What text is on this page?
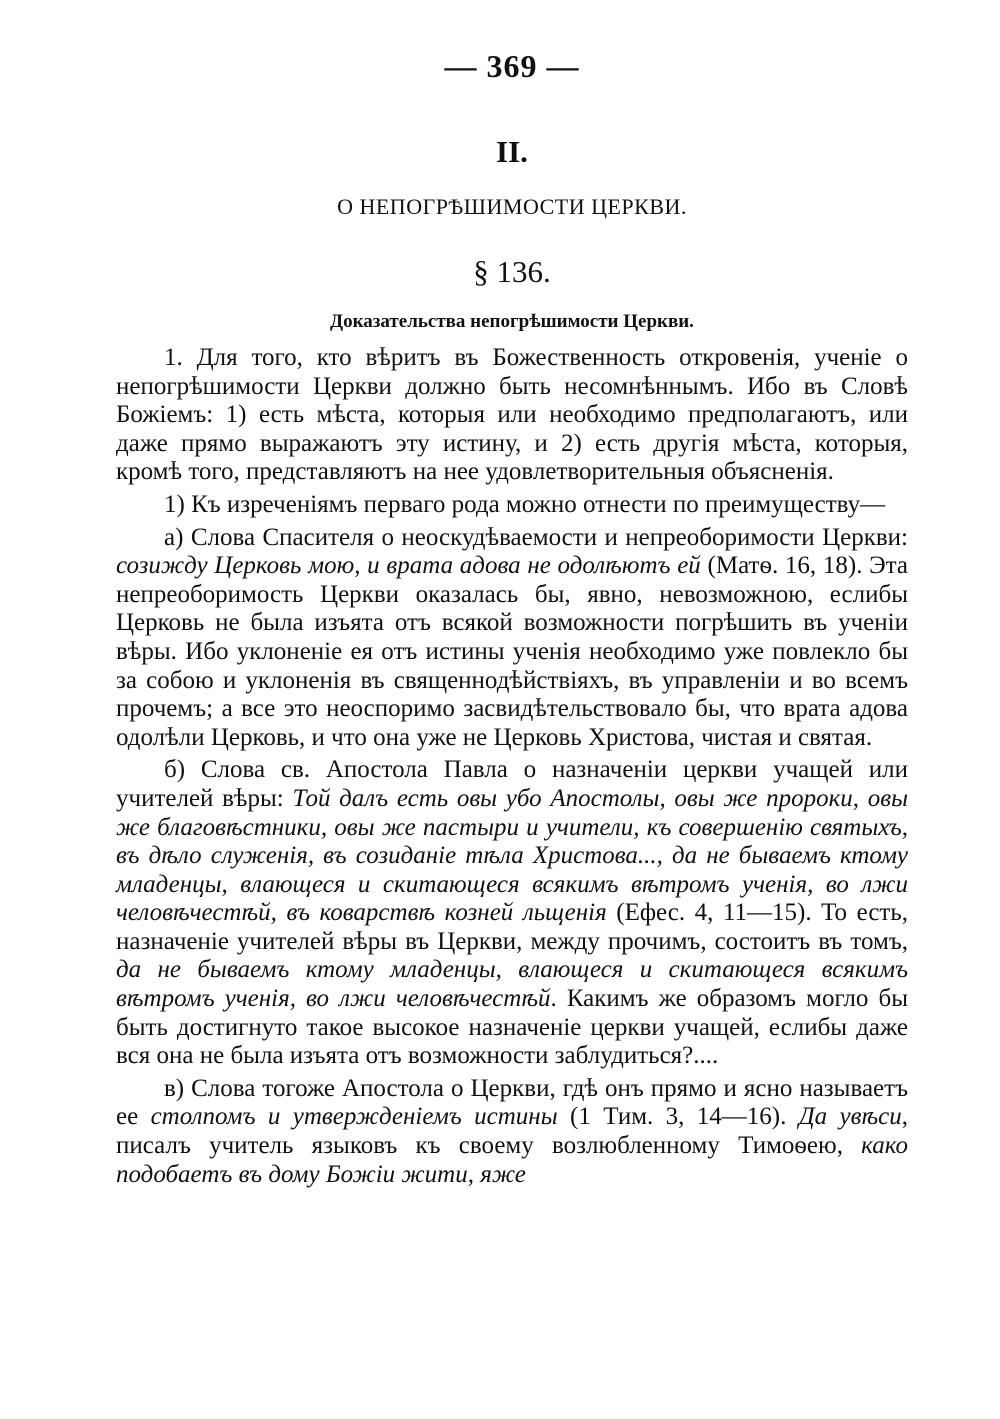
— 369 —
II.
О НЕПОГРѢШИМОСТИ ЦЕРКВИ.
§ 136.
Доказательства непогрѣшимости Церкви.

1. Для того, кто вѣритъ въ Божественность откровенія, ученіе о непогрѣшимости Церкви должно быть несомнѣннымъ. Ибо въ Словѣ Божіемъ: 1) есть мѣста, которыя или необходимо предполагаютъ, или даже прямо выражаютъ эту истину, и 2) есть другія мѣста, которыя, кромѣ того, представляютъ на нее удовлетворительныя объясненія.

1) Къ изреченіямъ перваго рода можно отнести по преимуществу—

а) Слова Спасителя о неоскудѣваемости и непреоборимости Церкви: созижду Церковь мою, и врата адова не одолѣютъ ей (Матѳ. 16, 18). Эта непреоборимость Церкви оказалась бы, явно, невозможною, еслибы Церковь не была изъята отъ всякой возможности погрѣшить въ ученіи вѣры. Ибо уклоненіе ея отъ истины ученія необходимо уже повлекло бы за собою и уклоненія въ священнодѣйствіяхъ, въ управленіи и во всемъ прочемъ; а все это неоспоримо засвидѣтельствовало бы, что врата адова одолѣли Церковь, и что она уже не Церковь Христова, чистая и святая.

б) Слова св. Апостола Павла о назначеніи церкви учащей или учителей вѣры: Той далъ есть овы убо Апостолы, овы же пророки, овы же благовѣстники, овы же пастыри и учители, къ совершенію святыхъ, въ дѣло служенія, въ созиданіе тѣла Христова..., да не бываемъ ктому младенцы, влающеся и скитающеся всякимъ вѣтромъ ученія, во лжи человѣчестѣй, въ коварствѣ козней льщенія (Ефес. 4, 11—15). То есть, назначеніе учителей вѣры въ Церкви, между прочимъ, состоитъ въ томъ, да не бываемъ ктому младенцы, влающеся и скитающеся всякимъ вѣтромъ ученія, во лжи человѣчестѣй. Какимъ же образомъ могло бы быть достигнуто такое высокое назначеніе церкви учащей, еслибы даже вся она не была изъята отъ возможности заблудиться?....

в) Слова тогоже Апостола о Церкви, гдѣ онъ прямо и ясно называетъ ее столпомъ и утвержденіемъ истины (1 Тим. 3, 14—16). Да увѣси, писалъ учитель языковъ къ своему возлюбленному Тимоѳею, како подобаетъ въ дому Божіи жити, яже
